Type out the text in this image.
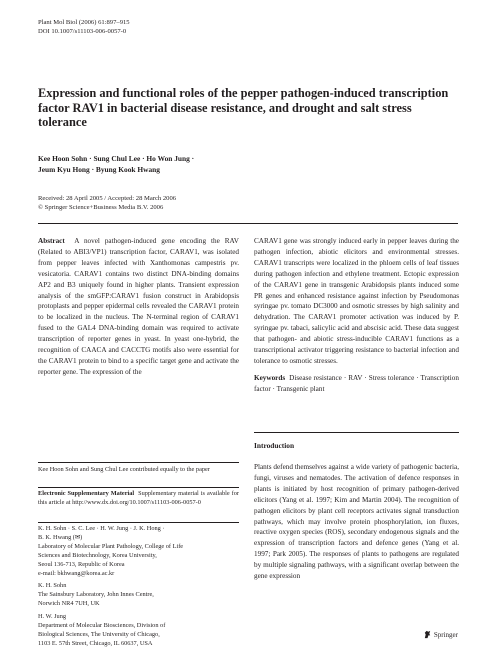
Plant Mol Biol (2006) 61:897–915
DOI 10.1007/s11103-006-0057-0
Expression and functional roles of the pepper pathogen-induced transcription factor RAV1 in bacterial disease resistance, and drought and salt stress tolerance
Kee Hoon Sohn · Sung Chul Lee · Ho Won Jung ·
Jeum Kyu Hong · Byung Kook Hwang
Received: 28 April 2005 / Accepted: 28 March 2006
© Springer Science+Business Media B.V. 2006

Abstract A novel pathogen-induced gene encoding the RAV (Related to ABI3/VP1) transcription factor, CARAV1, was isolated from pepper leaves infected with Xanthomonas campestris pv. vesicatoria. CARAV1 contains two distinct DNA-binding domains AP2 and B3 uniquely found in higher plants. Transient expression analysis of the smGFP:CARAV1 fusion construct in Arabidopsis protoplasts and pepper epidermal cells revealed the CARAV1 protein to be localized in the nucleus. The N-terminal region of CARAV1 fused to the GAL4 DNA-binding domain was required to activate transcription of reporter genes in yeast. In yeast one-hybrid, the recognition of CAACA and CACCTG motifs also were essential for the CARAV1 protein to bind to a specific target gene and activate the reporter gene. The expression of the

Kee Hoon Sohn and Sung Chul Lee contributed equally to the paper
Electronic Supplementary Material Supplementary material is available for this article at http://www.dx.doi.org/10.1007/s11103-006-0057-0
K. H. Sohn · S. C. Lee · H. W. Jung · J. K. Hong ·
B. K. Hwang (✉)
Laboratory of Molecular Plant Pathology, College of Life
Sciences and Biotechnology, Korea University,
Seoul 136-713, Republic of Korea
e-mail: bkhwang@korea.ac.kr
K. H. Sohn
The Sainsbury Laboratory, John Innes Centre,
Norwich NR4 7UH, UK
H. W. Jung
Department of Molecular Biosciences, Division of
Biological Sciences, The University of Chicago,
1103 E. 57th Street, Chicago, IL 60637, USA

CARAV1 gene was strongly induced early in pepper leaves during the pathogen infection, abiotic elicitors and environmental stresses. CARAV1 transcripts were localized in the phloem cells of leaf tissues during pathogen infection and ethylene treatment. Ectopic expression of the CARAV1 gene in transgenic Arabidopsis plants induced some PR genes and enhanced resistance against infection by Pseudomonas syringae pv. tomato DC3000 and osmotic stresses by high salinity and dehydration. The CARAV1 promoter activation was induced by P. syringae pv. tabaci, salicylic acid and abscisic acid. These data suggest that pathogen- and abiotic stress-inducible CARAV1 functions as a transcriptional activator triggering resistance to bacterial infection and tolerance to osmotic stresses.

Keywords Disease resistance · RAV · Stress tolerance · Transcription factor · Transgenic plant

Introduction
Plants defend themselves against a wide variety of pathogenic bacteria, fungi, viruses and nematodes. The activation of defence responses in plants is initiated by host recognition of primary pathogen-derived elicitors (Yang et al. 1997; Kim and Martin 2004). The recognition of pathogen elicitors by plant cell receptors activates signal transduction pathways, which may involve protein phosphorylation, ion fluxes, reactive oxygen species (ROS), secondary endogenous signals and the expression of transcription factors and defence genes (Yang et al. 1997; Park 2005). The responses of plants to pathogens are regulated by multiple signaling pathways, with a significant overlap between the gene expression
Springer
